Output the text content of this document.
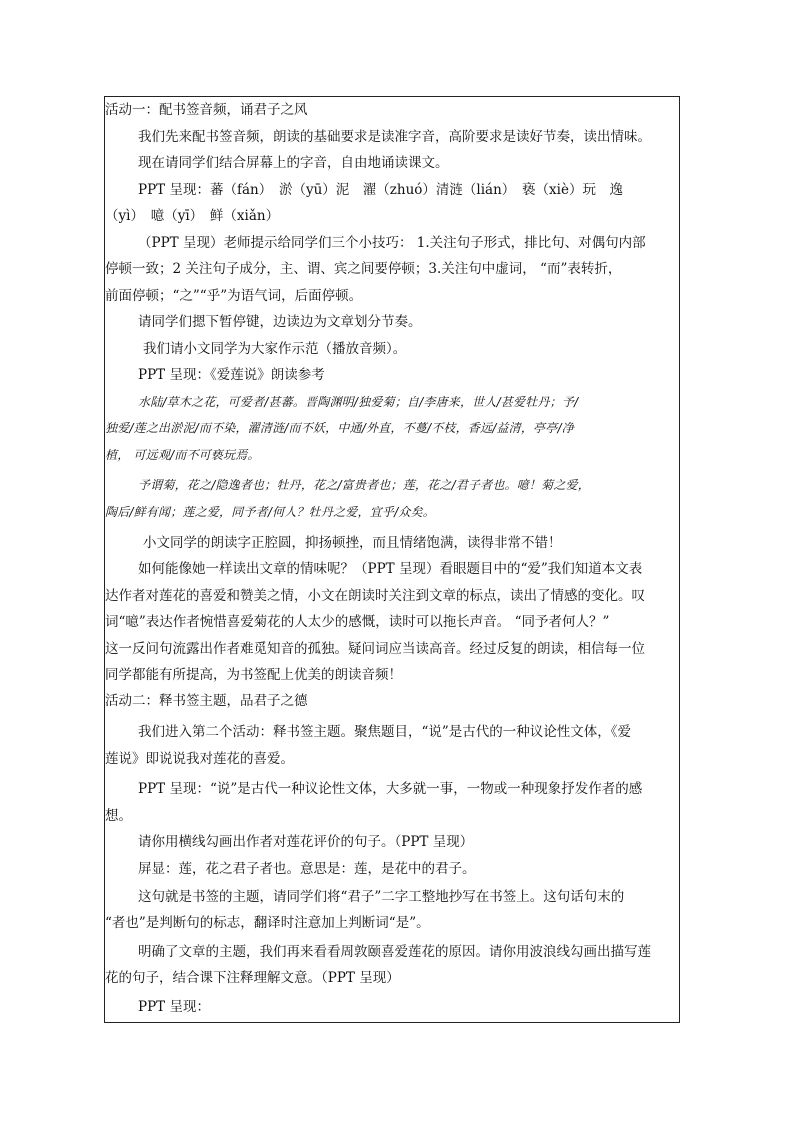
活动一：配书签音频，诵君子之风
我们先来配书签音频，朗读的基础要求是读准字音，高阶要求是读好节奏，读出情味。
现在请同学们结合屏幕上的字音，自由地诵读课文。
PPT 呈现：蕃（fán）　淤（yū）泥　濯（zhuó）清涟（lián）　亵（xiè）玩　逸
（yì）　噫（yī）　鲜（xiǎn）
（PPT 呈现）老师提示给同学们三个小技巧： 1.关注句子形式，排比句、对偶句内部
停顿一致；2 关注句子成分，主、谓、宾之间要停顿；3.关注句中虚词， “而”表转折，
前面停顿；“之”“乎”为语气词，后面停顿。
请同学们摁下暂停键，边读边为文章划分节奏。
我们请小文同学为大家作示范（播放音频）。
PPT 呈现：《爱莲说》朗读参考
水陆/草木之花，可爱者/甚蕃。晋陶渊明/独爱菊；自/李唐来，世人/甚爱牡丹；予/
独爱/莲之出淤泥/而不染，濯清涟/而不妖，中通/外直，不蔓/不枝，香远/益清，亭亭/净
植， 可远观/而不可亵玩焉。
予谓菊，花之/隐逸者也；牡丹，花之/富贵者也；莲，花之/君子者也。噫！菊之爱，
陶后/鲜有闻；莲之爱，同予者/何人？牡丹之爱，宜乎/众矣。
小文同学的朗读字正腔圆，抑扬顿挫，而且情绪饱满，读得非常不错！
如何能像她一样读出文章的情味呢？（PPT 呈现）看眼题目中的“爱”我们知道本文表
达作者对莲花的喜爱和赞美之情，小文在朗读时关注到文章的标点，读出了情感的变化。叹
词“噫”表达作者惋惜喜爱菊花的人太少的感慨，读时可以拖长声音。 “同予者何人？”
这一反问句流露出作者难觅知音的孤独。疑问词应当读高音。经过反复的朗读，相信每一位
同学都能有所提高，为书签配上优美的朗读音频！
活动二：释书签主题，品君子之德
我们进入第二个活动：释书签主题。聚焦题目，“说”是古代的一种议论性文体，《爱
莲说》即说说我对莲花的喜爱。
PPT 呈现：“说”是古代一种议论性文体，大多就一事，一物或一种现象抒发作者的感
想。
请你用横线勾画出作者对莲花评价的句子。（PPT 呈现）
屏显：莲，花之君子者也。意思是：莲，是花中的君子。
这句就是书签的主题，请同学们将“君子”二字工整地抄写在书签上。这句话句末的
“者也”是判断句的标志，翻译时注意加上判断词“是”。
明确了文章的主题，我们再来看看周敦颐喜爱莲花的原因。请你用波浪线勾画出描写莲
花的句子，结合课下注释理解文意。（PPT 呈现）
PPT 呈现：
